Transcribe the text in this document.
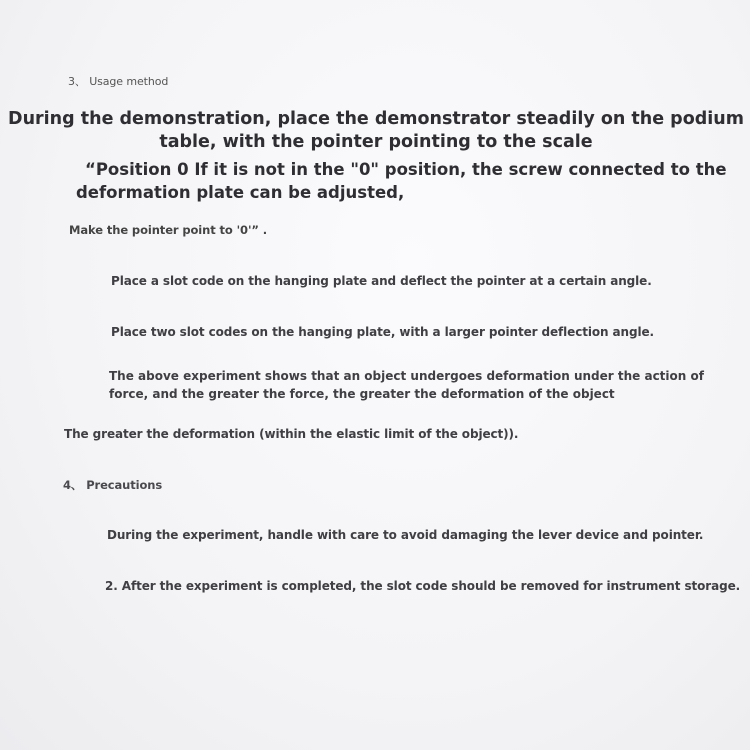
3、 Usage method

During the demonstration, place the demonstrator steadily on the podium table, with the pointer pointing to the scale

“Position 0 If it is not in the "0" position, the screw connected to the deformation plate can be adjusted,

Make the pointer point to '0'” .

Place a slot code on the hanging plate and deflect the pointer at a certain angle.

Place two slot codes on the hanging plate, with a larger pointer deflection angle.

The above experiment shows that an object undergoes deformation under the action of force, and the greater the force, the greater the deformation of the object

The greater the deformation (within the elastic limit of the object)).

4、 Precautions

During the experiment, handle with care to avoid damaging the lever device and pointer.

2. After the experiment is completed, the slot code should be removed for instrument storage.
